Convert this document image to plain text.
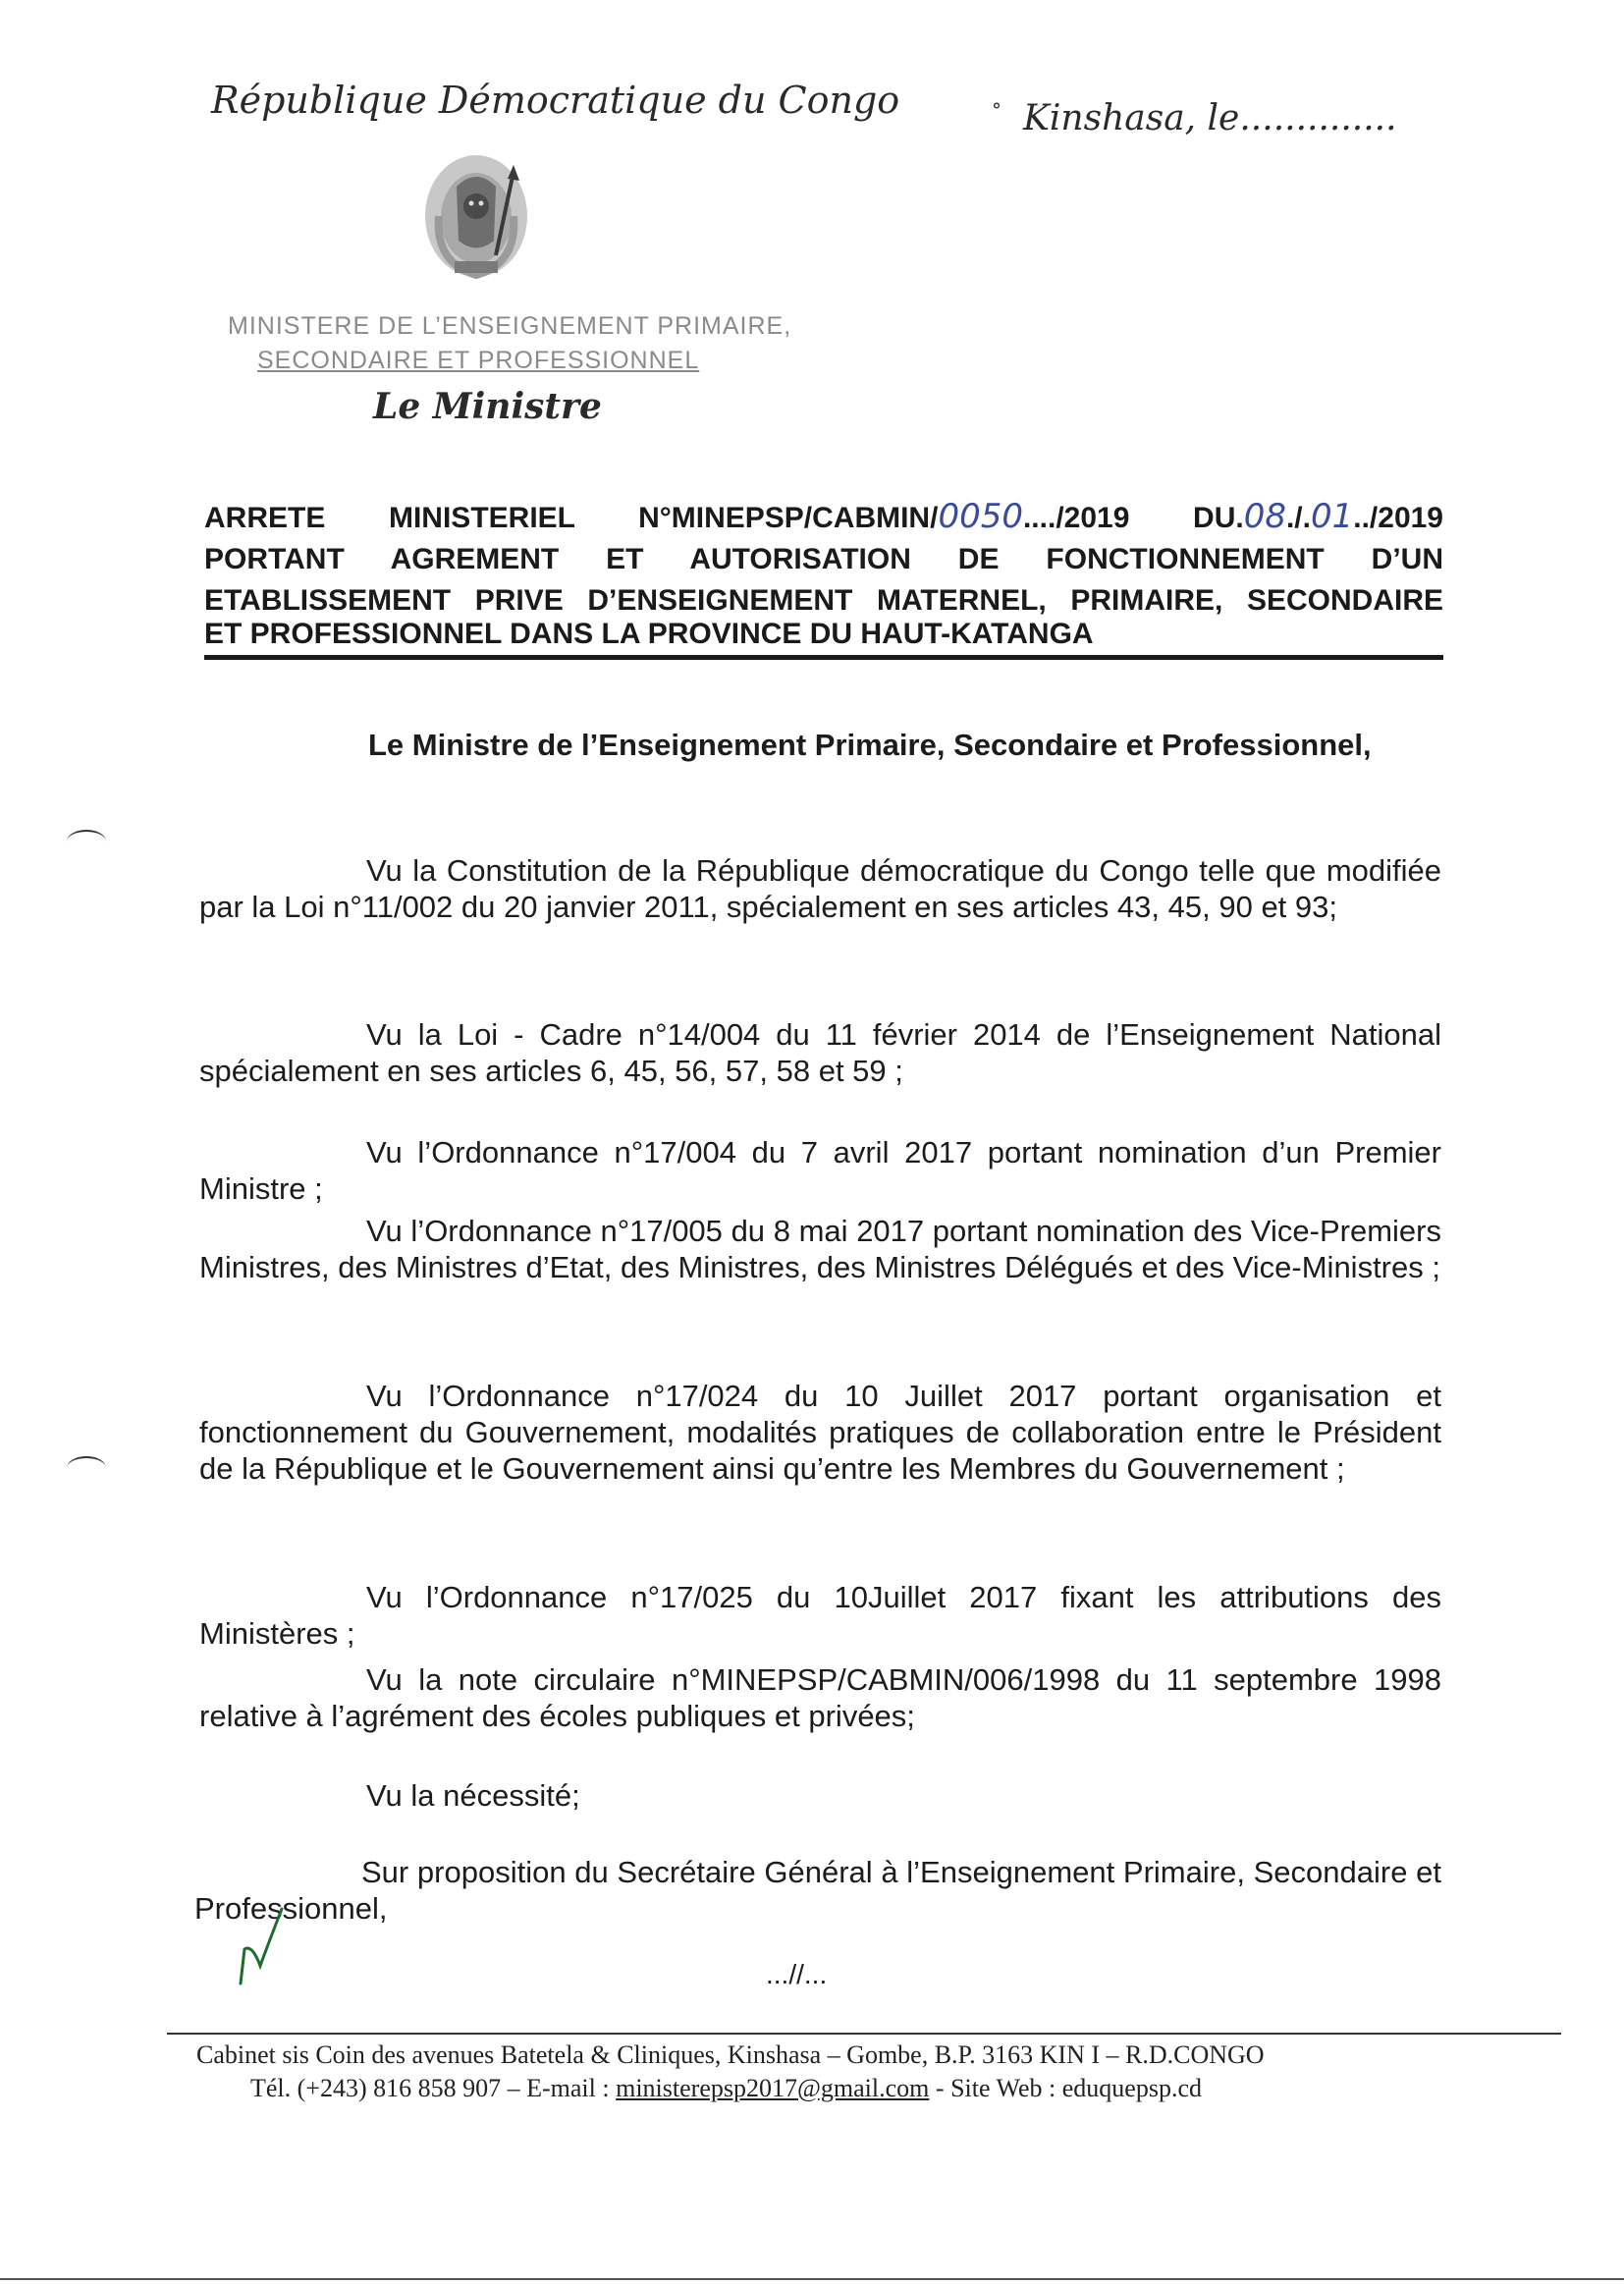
République Démocratique du Congo	° Kinshasa, le..............
MINISTERE DE L’ENSEIGNEMENT PRIMAIRE,
SECONDAIRE ET PROFESSIONNEL
Le Ministre
ARRETE MINISTERIEL N°MINEPSP/CABMIN/0050..../2019 DU.08./.01../2019
PORTANT AGREMENT ET AUTORISATION DE FONCTIONNEMENT D’UN
ETABLISSEMENT PRIVE D’ENSEIGNEMENT MATERNEL, PRIMAIRE, SECONDAIRE
ET PROFESSIONNEL DANS LA PROVINCE DU HAUT-KATANGA
Le Ministre de l’Enseignement Primaire, Secondaire et Professionnel,
Vu la Constitution de la République démocratique du Congo telle que modifiée par la Loi n°11/002 du 20 janvier 2011, spécialement en ses articles 43, 45, 90 et 93;
Vu la Loi - Cadre n°14/004 du 11 février 2014 de l’Enseignement National spécialement en ses articles 6, 45, 56, 57, 58 et 59 ;
Vu l’Ordonnance n°17/004 du 7 avril 2017 portant nomination d’un Premier Ministre ;
Vu l’Ordonnance n°17/005 du 8 mai 2017 portant nomination des Vice-Premiers Ministres, des Ministres d’Etat, des Ministres, des Ministres Délégués et des Vice-Ministres ;
Vu l’Ordonnance n°17/024 du 10 Juillet 2017 portant organisation et fonctionnement du Gouvernement, modalités pratiques de collaboration entre le Président de la République et le Gouvernement ainsi qu’entre les Membres du Gouvernement ;
Vu l’Ordonnance n°17/025 du 10Juillet 2017 fixant les attributions des Ministères ;
Vu la note circulaire n°MINEPSP/CABMIN/006/1998 du 11 septembre 1998 relative à l’agrément des écoles publiques et privées;
Vu la nécessité;
Sur proposition du Secrétaire Général à l’Enseignement Primaire, Secondaire et Professionnel,
...//...
Cabinet sis Coin des avenues Batetela & Cliniques, Kinshasa – Gombe, B.P. 3163 KIN I – R.D.CONGO
Tél. (+243) 816 858 907 – E-mail : ministerepsp2017@gmail.com - Site Web : eduquepsp.cd
